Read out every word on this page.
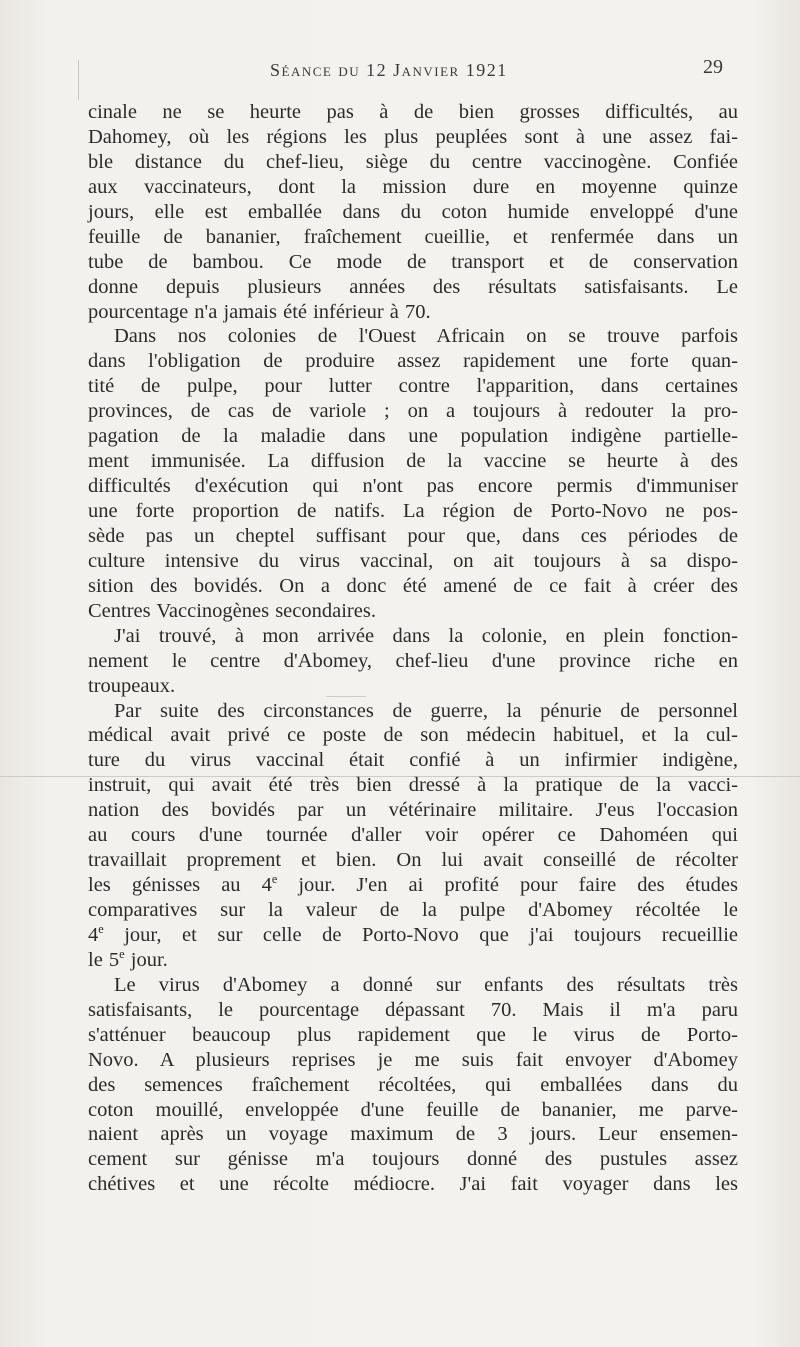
Séance du 12 Janvier 1921	29
cinale ne se heurte pas à de bien grosses difficultés, au
Dahomey, où les régions les plus peuplées sont à une assez fai-
ble distance du chef-lieu, siège du centre vaccinogène. Confiée
aux vaccinateurs, dont la mission dure en moyenne quinze
jours, elle est emballée dans du coton humide enveloppé d'une
feuille de bananier, fraîchement cueillie, et renfermée dans un
tube de bambou. Ce mode de transport et de conservation
donne depuis plusieurs années des résultats satisfaisants. Le
pourcentage n'a jamais été inférieur à 70.
Dans nos colonies de l'Ouest Africain on se trouve parfois
dans l'obligation de produire assez rapidement une forte quan-
tité de pulpe, pour lutter contre l'apparition, dans certaines
provinces, de cas de variole ; on a toujours à redouter la pro-
pagation de la maladie dans une population indigène partielle-
ment immunisée. La diffusion de la vaccine se heurte à des
difficultés d'exécution qui n'ont pas encore permis d'immuniser
une forte proportion de natifs. La région de Porto-Novo ne pos-
sède pas un cheptel suffisant pour que, dans ces périodes de
culture intensive du virus vaccinal, on ait toujours à sa dispo-
sition des bovidés. On a donc été amené de ce fait à créer des
Centres Vaccinogènes secondaires.
J'ai trouvé, à mon arrivée dans la colonie, en plein fonction-
nement le centre d'Abomey, chef-lieu d'une province riche en
troupeaux.
Par suite des circonstances de guerre, la pénurie de personnel
médical avait privé ce poste de son médecin habituel, et la cul-
ture du virus vaccinal était confié à un infirmier indigène,
instruit, qui avait été très bien dressé à la pratique de la vacci-
nation des bovidés par un vétérinaire militaire. J'eus l'occasion
au cours d'une tournée d'aller voir opérer ce Dahoméen qui
travaillait proprement et bien. On lui avait conseillé de récolter
les génisses au 4e jour. J'en ai profité pour faire des études
comparatives sur la valeur de la pulpe d'Abomey récoltée le
4e jour, et sur celle de Porto-Novo que j'ai toujours recueillie
le 5e jour.
Le virus d'Abomey a donné sur enfants des résultats très
satisfaisants, le pourcentage dépassant 70. Mais il m'a paru
s'atténuer beaucoup plus rapidement que le virus de Porto-
Novo. A plusieurs reprises je me suis fait envoyer d'Abomey
des semences fraîchement récoltées, qui emballées dans du
coton mouillé, enveloppée d'une feuille de bananier, me parve-
naient après un voyage maximum de 3 jours. Leur ensemen-
cement sur génisse m'a toujours donné des pustules assez
chétives et une récolte médiocre. J'ai fait voyager dans les
